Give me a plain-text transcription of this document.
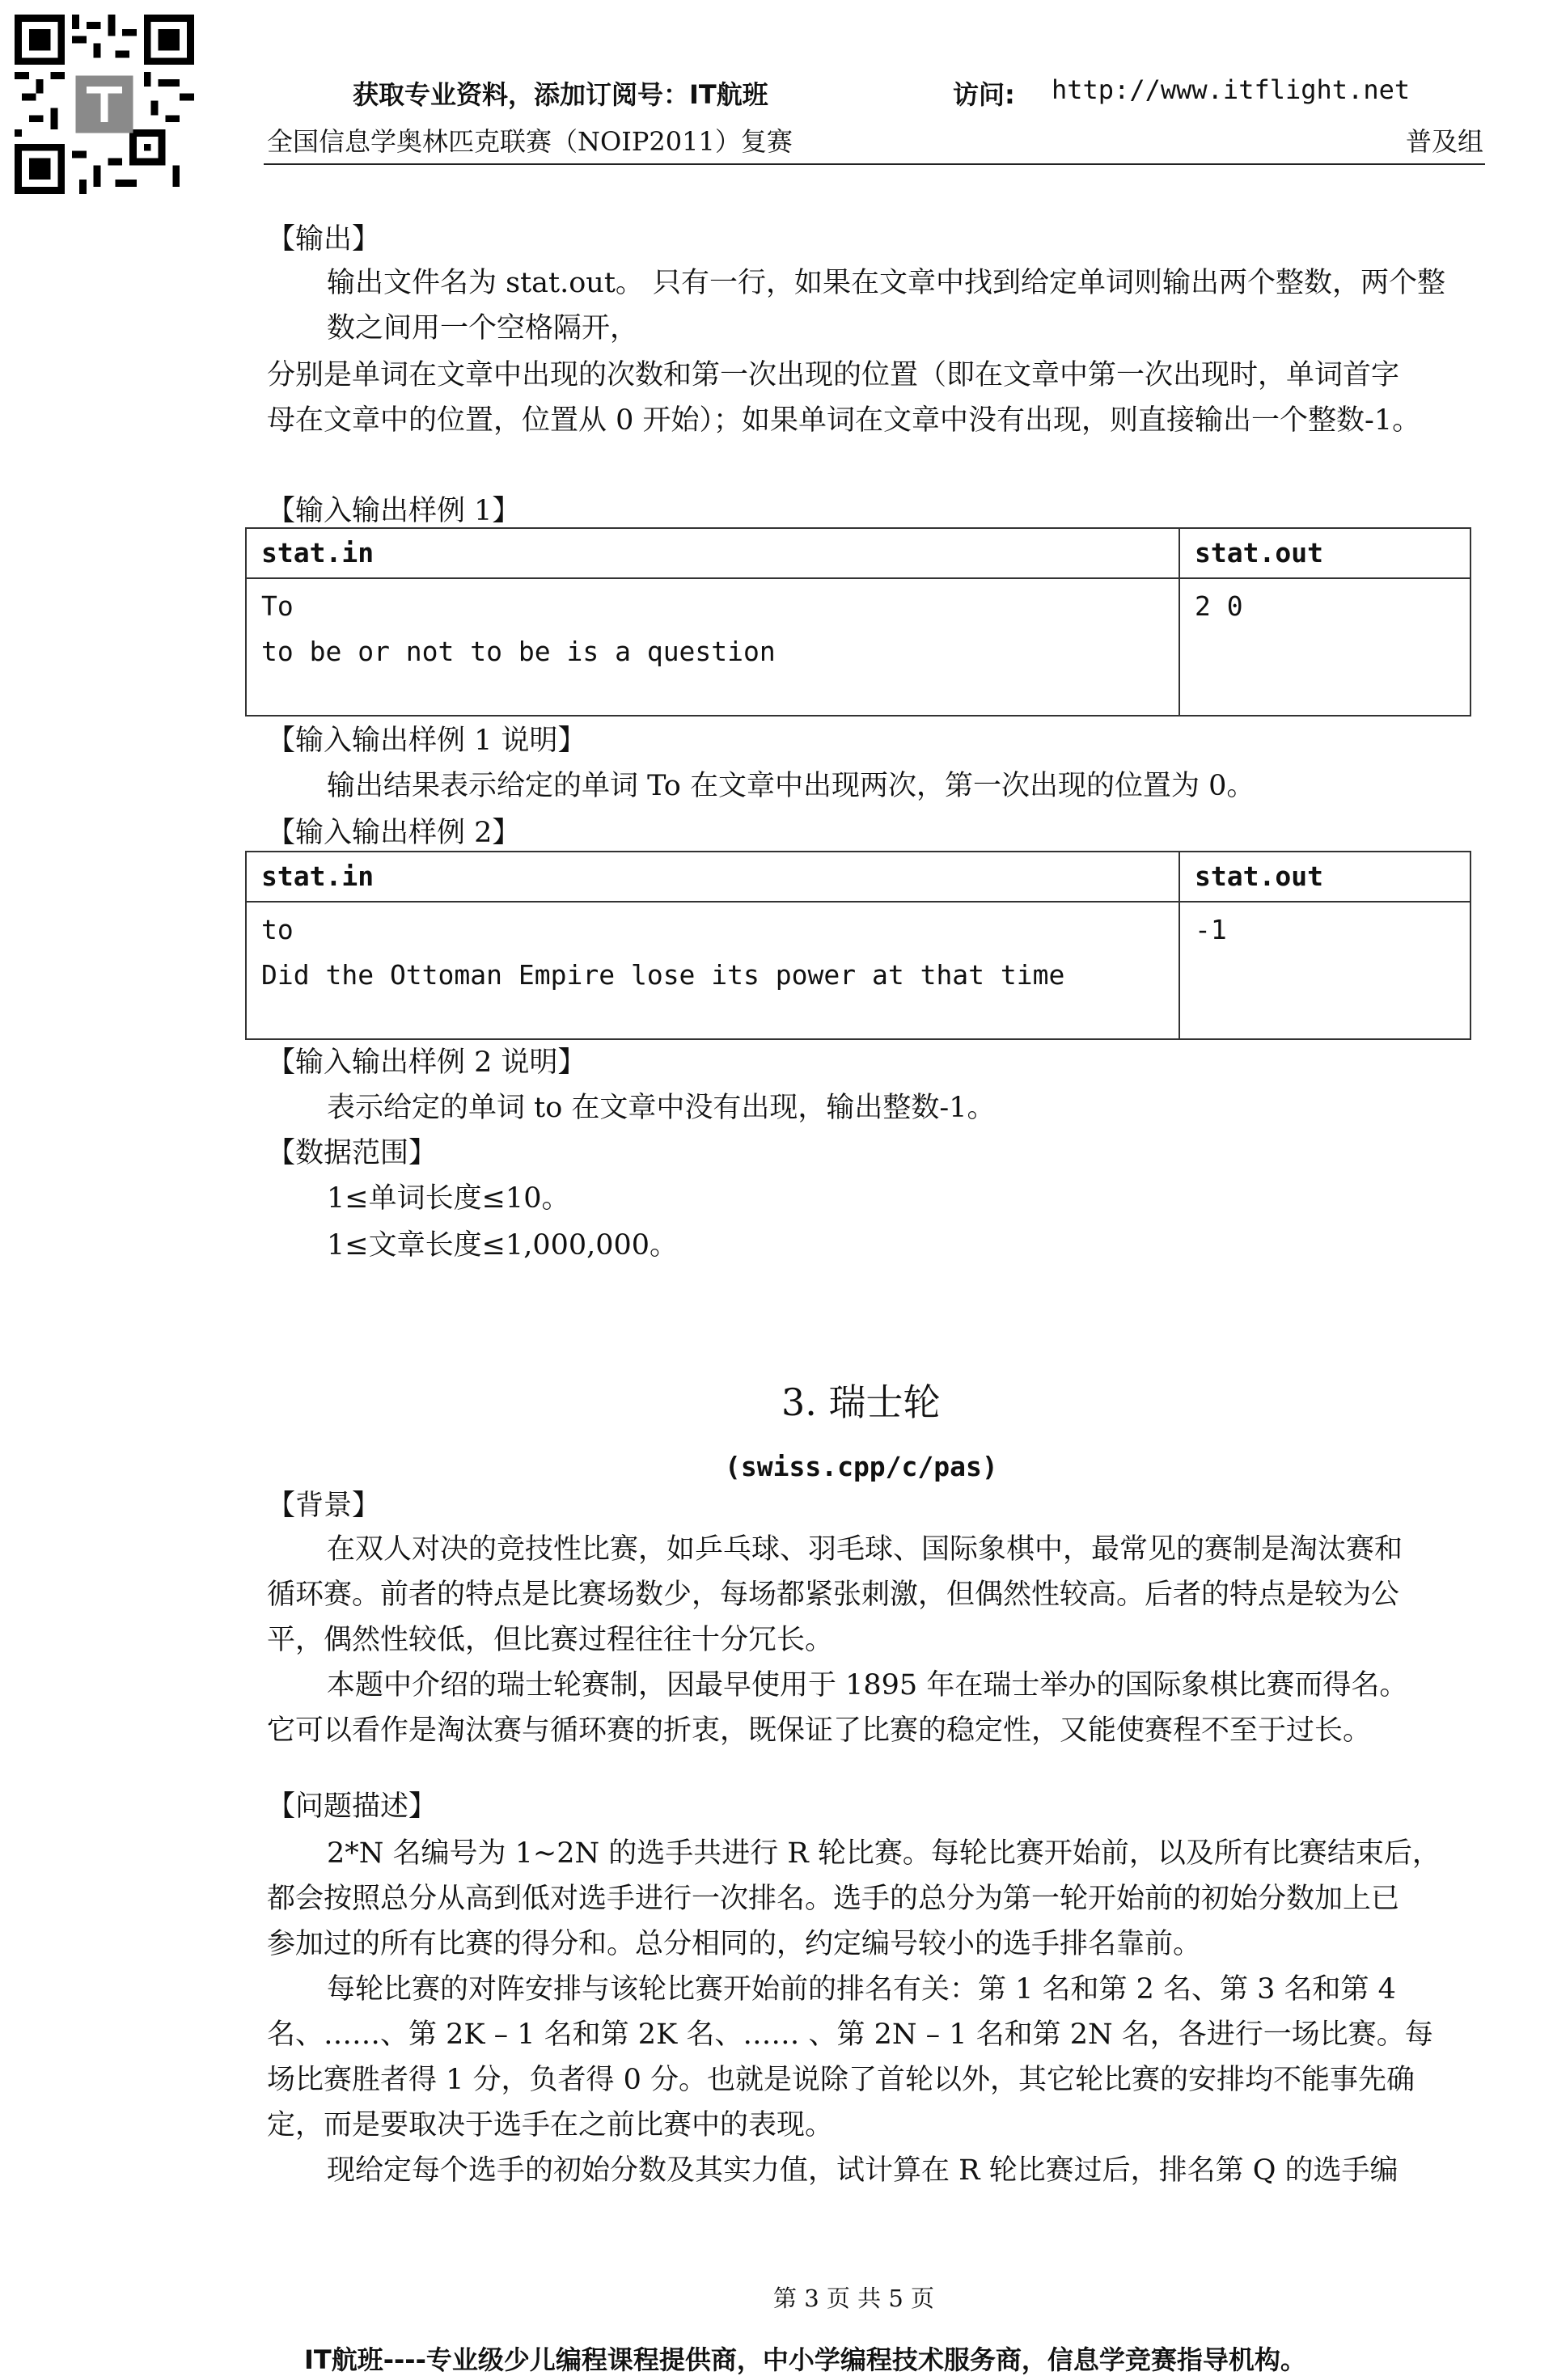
获取专业资料，添加订阅号：IT航班	访问: http://www.itflight.net
全国信息学奥林匹克联赛（NOIP2011）复赛	普及组
【输出】
输出文件名为 stat.out。 只有一行，如果在文章中找到给定单词则输出两个整数，两个整
数之间用一个空格隔开，
分别是单词在文章中出现的次数和第一次出现的位置（即在文章中第一次出现时，单词首字
母在文章中的位置，位置从 0 开始）；如果单词在文章中没有出现，则直接输出一个整数-1。
【输入输出样例 1】
stat.in	stat.out

To
to be or not to be is a question	2 0
【输入输出样例 1 说明】
输出结果表示给定的单词 To 在文章中出现两次，第一次出现的位置为 0。
【输入输出样例 2】
stat.in	stat.out

to
Did the Ottoman Empire lose its power at that time	-1
【输入输出样例 2 说明】
表示给定的单词 to 在文章中没有出现，输出整数-1。
【数据范围】
1≤单词长度≤10。
1≤文章长度≤1,000,000。
3. 瑞士轮
(swiss.cpp/c/pas)
【背景】
在双人对决的竞技性比赛，如乒乓球、羽毛球、国际象棋中，最常见的赛制是淘汰赛和
循环赛。前者的特点是比赛场数少，每场都紧张刺激，但偶然性较高。后者的特点是较为公
平，偶然性较低，但比赛过程往往十分冗长。
本题中介绍的瑞士轮赛制，因最早使用于 1895 年在瑞士举办的国际象棋比赛而得名。
它可以看作是淘汰赛与循环赛的折衷，既保证了比赛的稳定性，又能使赛程不至于过长。
【问题描述】
2*N 名编号为 1~2N 的选手共进行 R 轮比赛。每轮比赛开始前，以及所有比赛结束后，
都会按照总分从高到低对选手进行一次排名。选手的总分为第一轮开始前的初始分数加上已
参加过的所有比赛的得分和。总分相同的，约定编号较小的选手排名靠前。
每轮比赛的对阵安排与该轮比赛开始前的排名有关：第 1 名和第 2 名、第 3 名和第 4
名、……、第 2K – 1 名和第 2K 名、…… 、第 2N – 1 名和第 2N 名，各进行一场比赛。每
场比赛胜者得 1 分，负者得 0 分。也就是说除了首轮以外，其它轮比赛的安排均不能事先确
定，而是要取决于选手在之前比赛中的表现。
现给定每个选手的初始分数及其实力值，试计算在 R 轮比赛过后，排名第 Q 的选手编
第 3 页 共 5 页
IT航班----专业级少儿编程课程提供商，中小学编程技术服务商，信息学竞赛指导机构。
